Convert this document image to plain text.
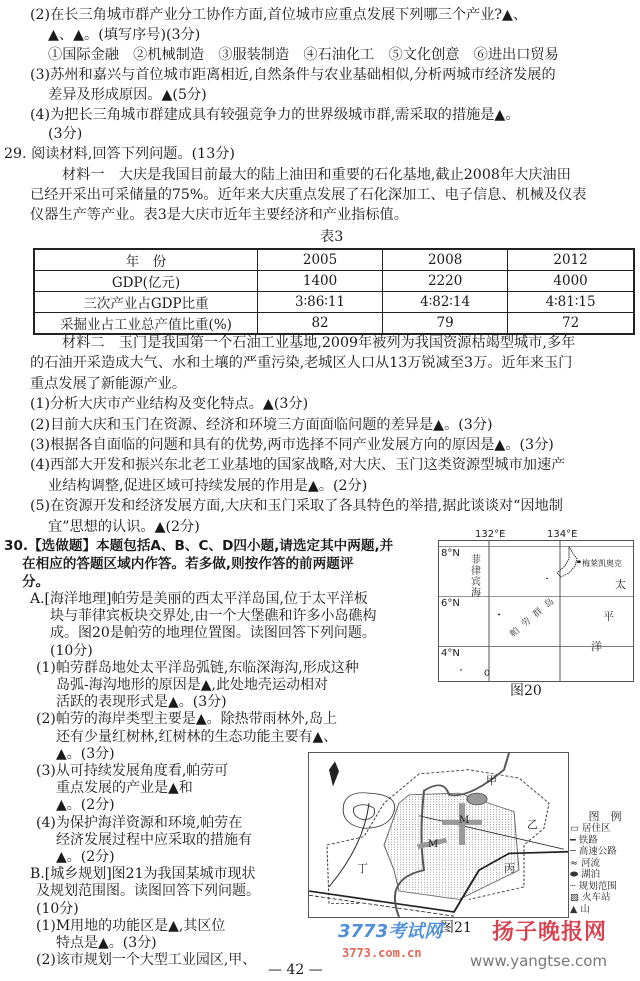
(2)在长三角城市群产业分工协作方面,首位城市应重点发展下列哪三个产业?▲、
▲、▲。(填写序号)(3分)
①国际金融　②机械制造　③服装制造　④石油化工　⑤文化创意　⑥进出口贸易
(3)苏州和嘉兴与首位城市距离相近,自然条件与农业基础相似,分析两城市经济发展的
差异及形成原因。▲(5分)
(4)为把长三角城市群建成具有较强竞争力的世界级城市群,需采取的措施是▲。
(3分)
29. 阅读材料,回答下列问题。(13分)
材料一　大庆是我国目前最大的陆上油田和重要的石化基地,截止2008年大庆油田
已经开采出可采储量的75%。近年来大庆重点发展了石化深加工、电子信息、机械及仪表
仪器生产等产业。表3是大庆市近年主要经济和产业指标值。
表3
年　份	2005	2008	2012
GDP(亿元)	1400	2220	4000
三次产业占GDP比重	3∶86∶11	4∶82∶14	4∶81∶15
采掘业占工业总产值比重(%)	82	79	72
材料二　玉门是我国第一个石油工业基地,2009年被列为我国资源枯竭型城市,多年
的石油开采造成大气、水和土壤的严重污染,老城区人口从13万锐减至3万。近年来玉门
重点发展了新能源产业。
(1)分析大庆市产业结构及变化特点。▲(3分)
(2)目前大庆和玉门在资源、经济和环境三方面面临问题的差异是▲。(3分)
(3)根据各自面临的问题和具有的优势,两市选择不同产业发展方向的原因是▲。(3分)
(4)西部大开发和振兴东北老工业基地的国家战略,对大庆、玉门这类资源型城市加速产
业结构调整,促进区域可持续发展的作用是▲。(2分)
(5)在资源开发和经济发展方面,大庆和玉门采取了各具特色的举措,据此谈谈对“因地制
宜”思想的认识。▲(2分)
30.【选做题】本题包括A、B、C、D四小题,请选定其中两题,并
在相应的答题区域内作答。若多做,则按作答的前两题评
分。
A.[海洋地理]帕劳是美丽的西太平洋岛国,位于太平洋板
块与菲律宾板块交界处,由一个大堡礁和许多小岛礁构
成。图20是帕劳的地理位置图。读图回答下列问题。
(10分)
(1)帕劳群岛地处太平洋岛弧链,东临深海沟,形成这种
岛弧-海沟地形的原因是▲,此处地壳运动相对
活跃的表现形式是▲。(3分)
(2)帕劳的海岸类型主要是▲。除热带雨林外,岛上
还有少量红树林,红树林的生态功能主要有▲、
▲。(3分)
(3)从可持续发展角度看,帕劳可
重点发展的产业是▲和
▲。(2分)
(4)为保护海洋资源和环境,帕劳在
经济发展过程中应采取的措施有
▲。(2分)
B.[城乡规划]图21为我国某城市现状
及规划范围图。读图回答下列问题。
(10分)
(1)M用地的功能区是▲,其区位
特点是▲。(3分)
(2)该市规划一个大型工业园区,甲、
132°E	134°E
8°N
6°N
4°N
菲律宾海
梅莱凯奥克
帕劳群岛
太
平
洋
图20
甲
乙
丙
丁
M
M
图　例
▭ 居住区
━ 铁路
─ 高速公路
≈ 河流
⬬ 湖泊
┄ 规划范围
▨ 火车站
▲ 山
图21
— 42 —
3773考试网
3773.com.cn
扬子晚报网
www.yangtse.com
